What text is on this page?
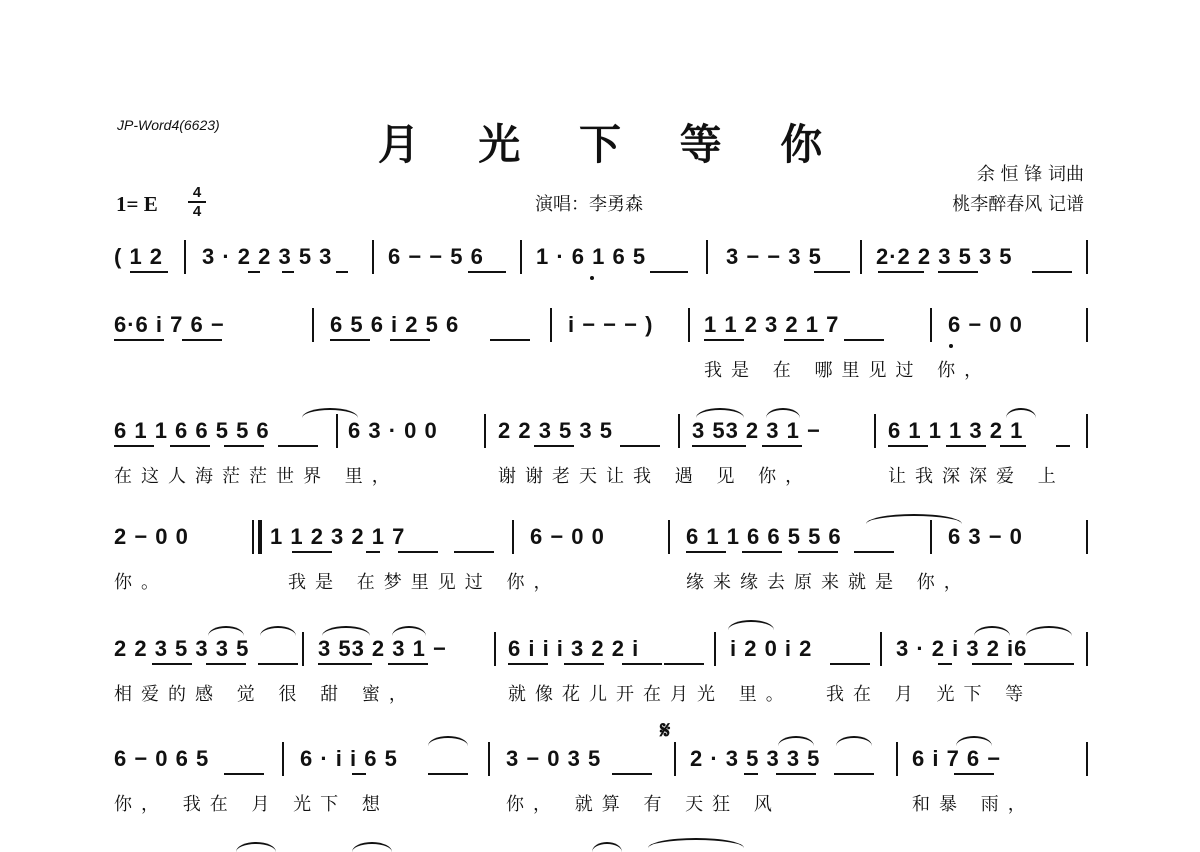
JP-Word4(6623)	月 光 下 等 你
余 恒 锋 词曲
桃李醉春风 记谱
演唱：李勇森
1= E	4
4
𝄋
( 1 2 3 · 2 2 3 5 3	6 − − 5 6 1 · 6 1 6 5	3 − − 3 5 2·2 2 3 5 3 5
6·6 i 7 6 −	6 5 6 i 2 5 6	i − − − ) 1 1 2 3 2 1 7	6 − 0 0
我是 在 哪里见过 你，
6 1 1 6 6 5 5 6	6 3 · 0 0	2 2 3 5 3 5	3 53 2 3 1 −	6 1 1 1 3 2 1
在这人海茫茫世界 里，	谢谢老天让我 遇 见 你，	让我深深爱 上
2 − 0 0	1 1 2 3 2 1 7	6 − 0 0	6 1 1 6 6 5 5 6	6 3 − 0
你。	我是 在梦里见过 你，	缘来缘去原来就是 你，
2 2 3 5 3 3 5	3 53 2 3 1 −	6 i i i 3 2 2 i	i 2 0 i 2	3 · 2 i 3 2 i6
相爱的感 觉 很 甜 蜜，	就像花儿开在月光 里。 我在 月 光下 等
6 − 0 6 5	6 · i i 6 5	3 − 0 3 5	2 · 3 5 3 3 5	6 i 7 6 −
你， 我在 月 光下 想	你， 就算 有 天狂 风	和暴 雨，
